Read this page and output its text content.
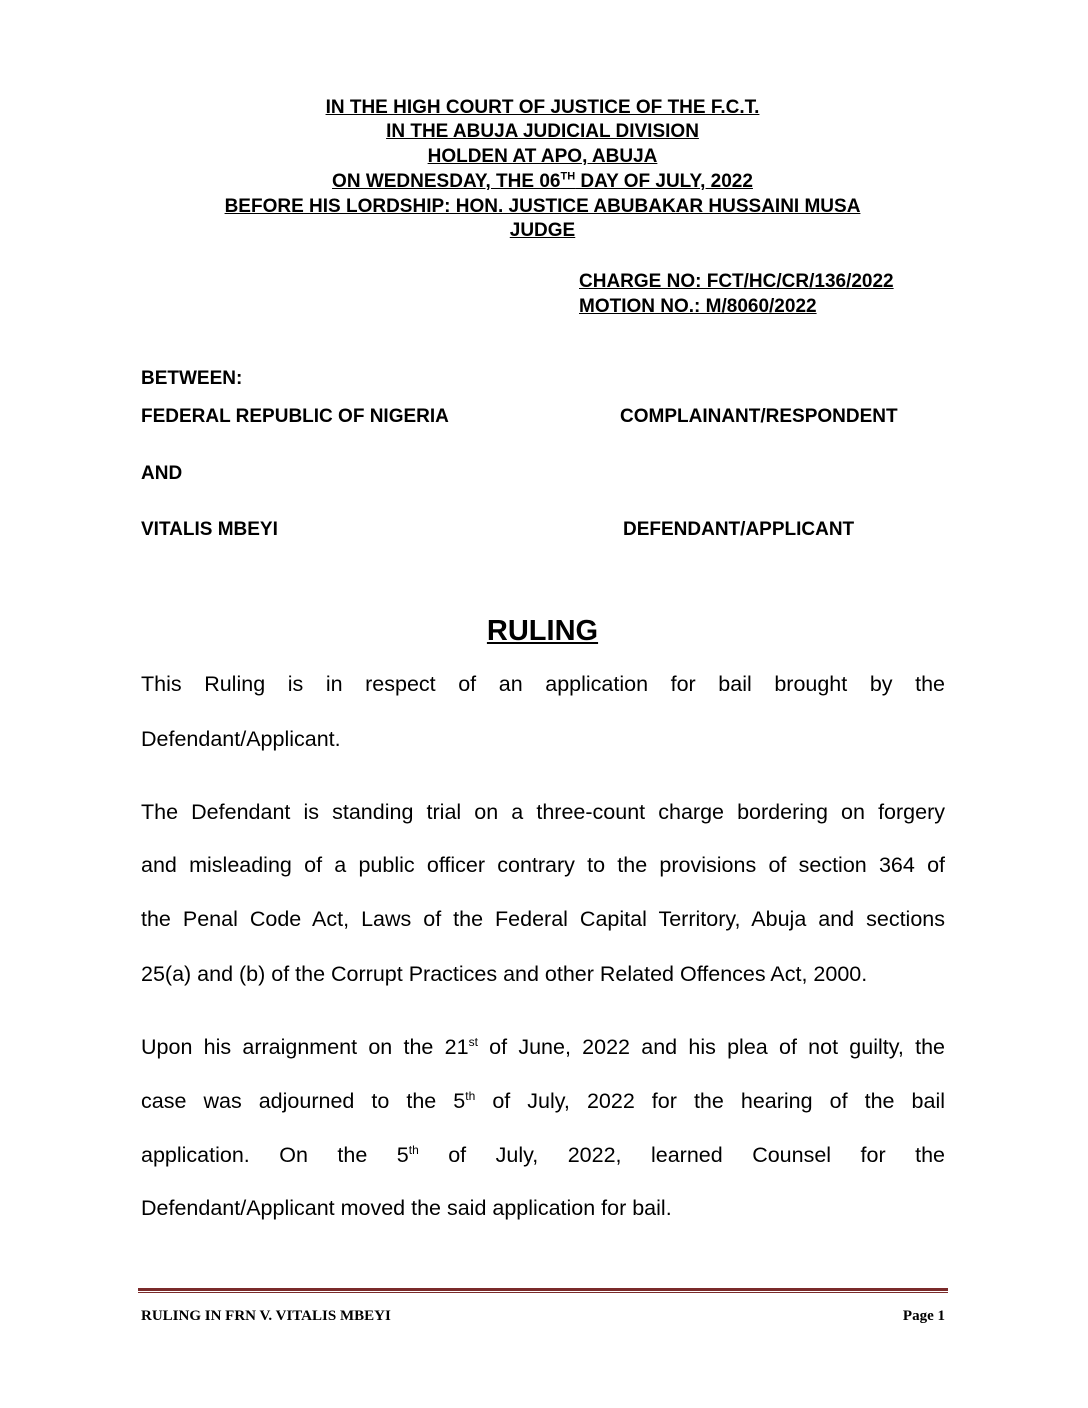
IN THE HIGH COURT OF JUSTICE OF THE F.C.T.
IN THE ABUJA JUDICIAL DIVISION
HOLDEN AT APO, ABUJA
ON WEDNESDAY, THE 06TH DAY OF JULY, 2022
BEFORE HIS LORDSHIP: HON. JUSTICE ABUBAKAR HUSSAINI MUSA
JUDGE
CHARGE NO: FCT/HC/CR/136/2022
MOTION NO.: M/8060/2022
BETWEEN:
FEDERAL REPUBLIC OF NIGERIA	COMPLAINANT/RESPONDENT
AND
VITALIS MBEYI	DEFENDANT/APPLICANT
RULING
This Ruling is in respect of an application for bail brought by the
Defendant/Applicant.
The Defendant is standing trial on a three-count charge bordering on forgery
and misleading of a public officer contrary to the provisions of section 364 of
the Penal Code Act, Laws of the Federal Capital Territory, Abuja and sections
25(a) and (b) of the Corrupt Practices and other Related Offences Act, 2000.
Upon his arraignment on the 21st of June, 2022 and his plea of not guilty, the
case was adjourned to the 5th of July, 2022 for the hearing of the bail
application. On the 5th of July, 2022, learned Counsel for the
Defendant/Applicant moved the said application for bail.
RULING IN FRN V. VITALIS MBEYI	Page 1
